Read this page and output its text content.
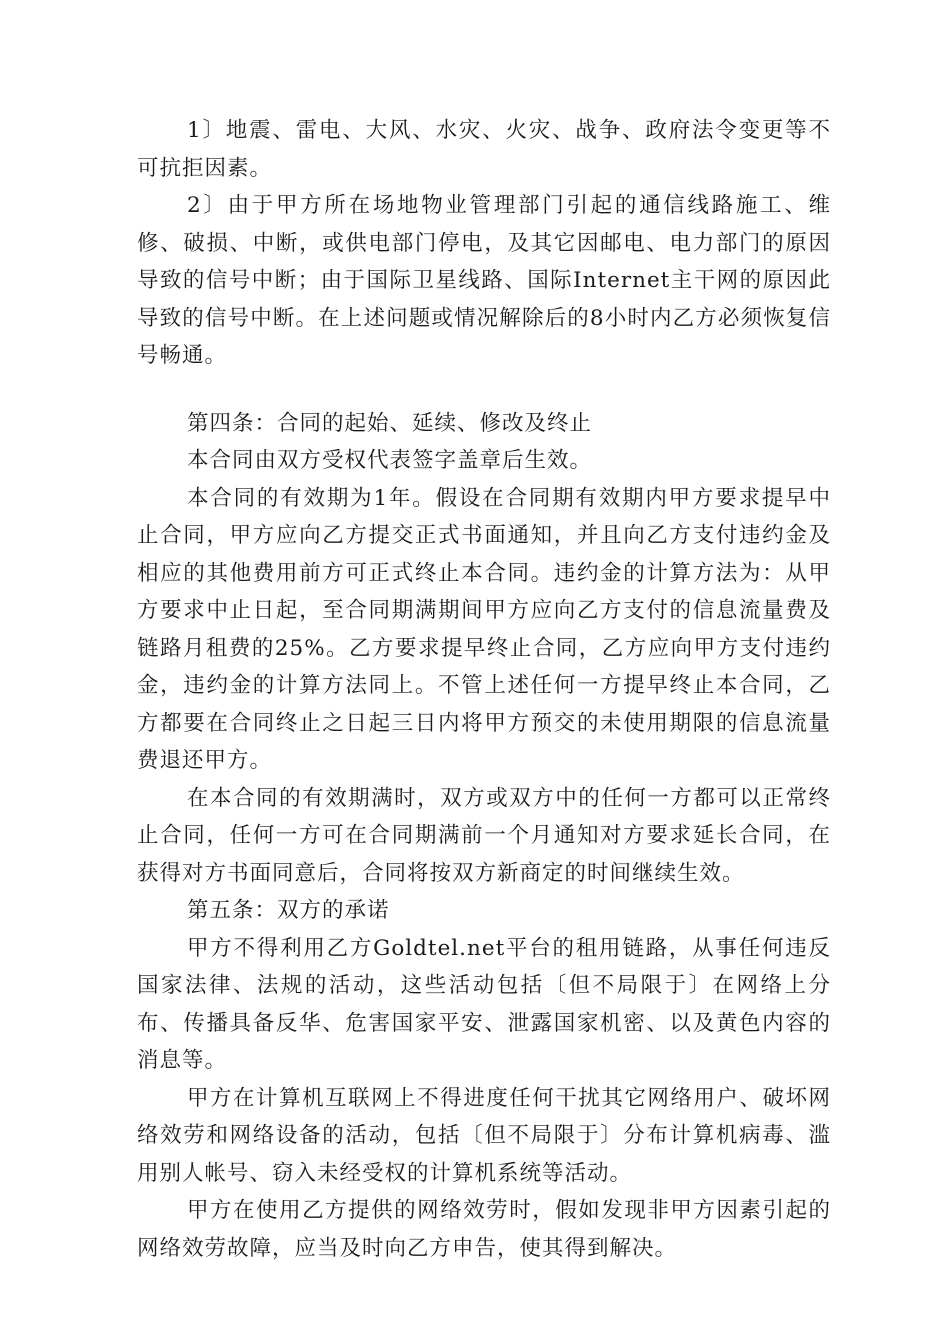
1〕地震、雷电、大风、水灾、火灾、战争、政府法令变更等不可抗拒因素。

2〕由于甲方所在场地物业管理部门引起的通信线路施工、维修、破损、中断，或供电部门停电，及其它因邮电、电力部门的原因导致的信号中断；由于国际卫星线路、国际Internet主干网的原因此导致的信号中断。在上述问题或情况解除后的8小时内乙方必须恢复信号畅通。

第四条：合同的起始、延续、修改及终止

本合同由双方受权代表签字盖章后生效。

本合同的有效期为1年。假设在合同期有效期内甲方要求提早中止合同，甲方应向乙方提交正式书面通知，并且向乙方支付违约金及相应的其他费用前方可正式终止本合同。违约金的计算方法为：从甲方要求中止日起，至合同期满期间甲方应向乙方支付的信息流量费及链路月租费的25%。乙方要求提早终止合同，乙方应向甲方支付违约金，违约金的计算方法同上。不管上述任何一方提早终止本合同，乙方都要在合同终止之日起三日内将甲方预交的未使用期限的信息流量费退还甲方。

在本合同的有效期满时，双方或双方中的任何一方都可以正常终止合同，任何一方可在合同期满前一个月通知对方要求延长合同，在获得对方书面同意后，合同将按双方新商定的时间继续生效。

第五条：双方的承诺

甲方不得利用乙方Goldtel.net平台的租用链路，从事任何违反国家法律、法规的活动，这些活动包括〔但不局限于〕在网络上分布、传播具备反华、危害国家平安、泄露国家机密、以及黄色内容的消息等。

甲方在计算机互联网上不得进度任何干扰其它网络用户、破坏网络效劳和网络设备的活动，包括〔但不局限于〕分布计算机病毒、滥用别人帐号、窃入未经受权的计算机系统等活动。

甲方在使用乙方提供的网络效劳时，假如发现非甲方因素引起的网络效劳故障，应当及时向乙方申告，使其得到解决。
